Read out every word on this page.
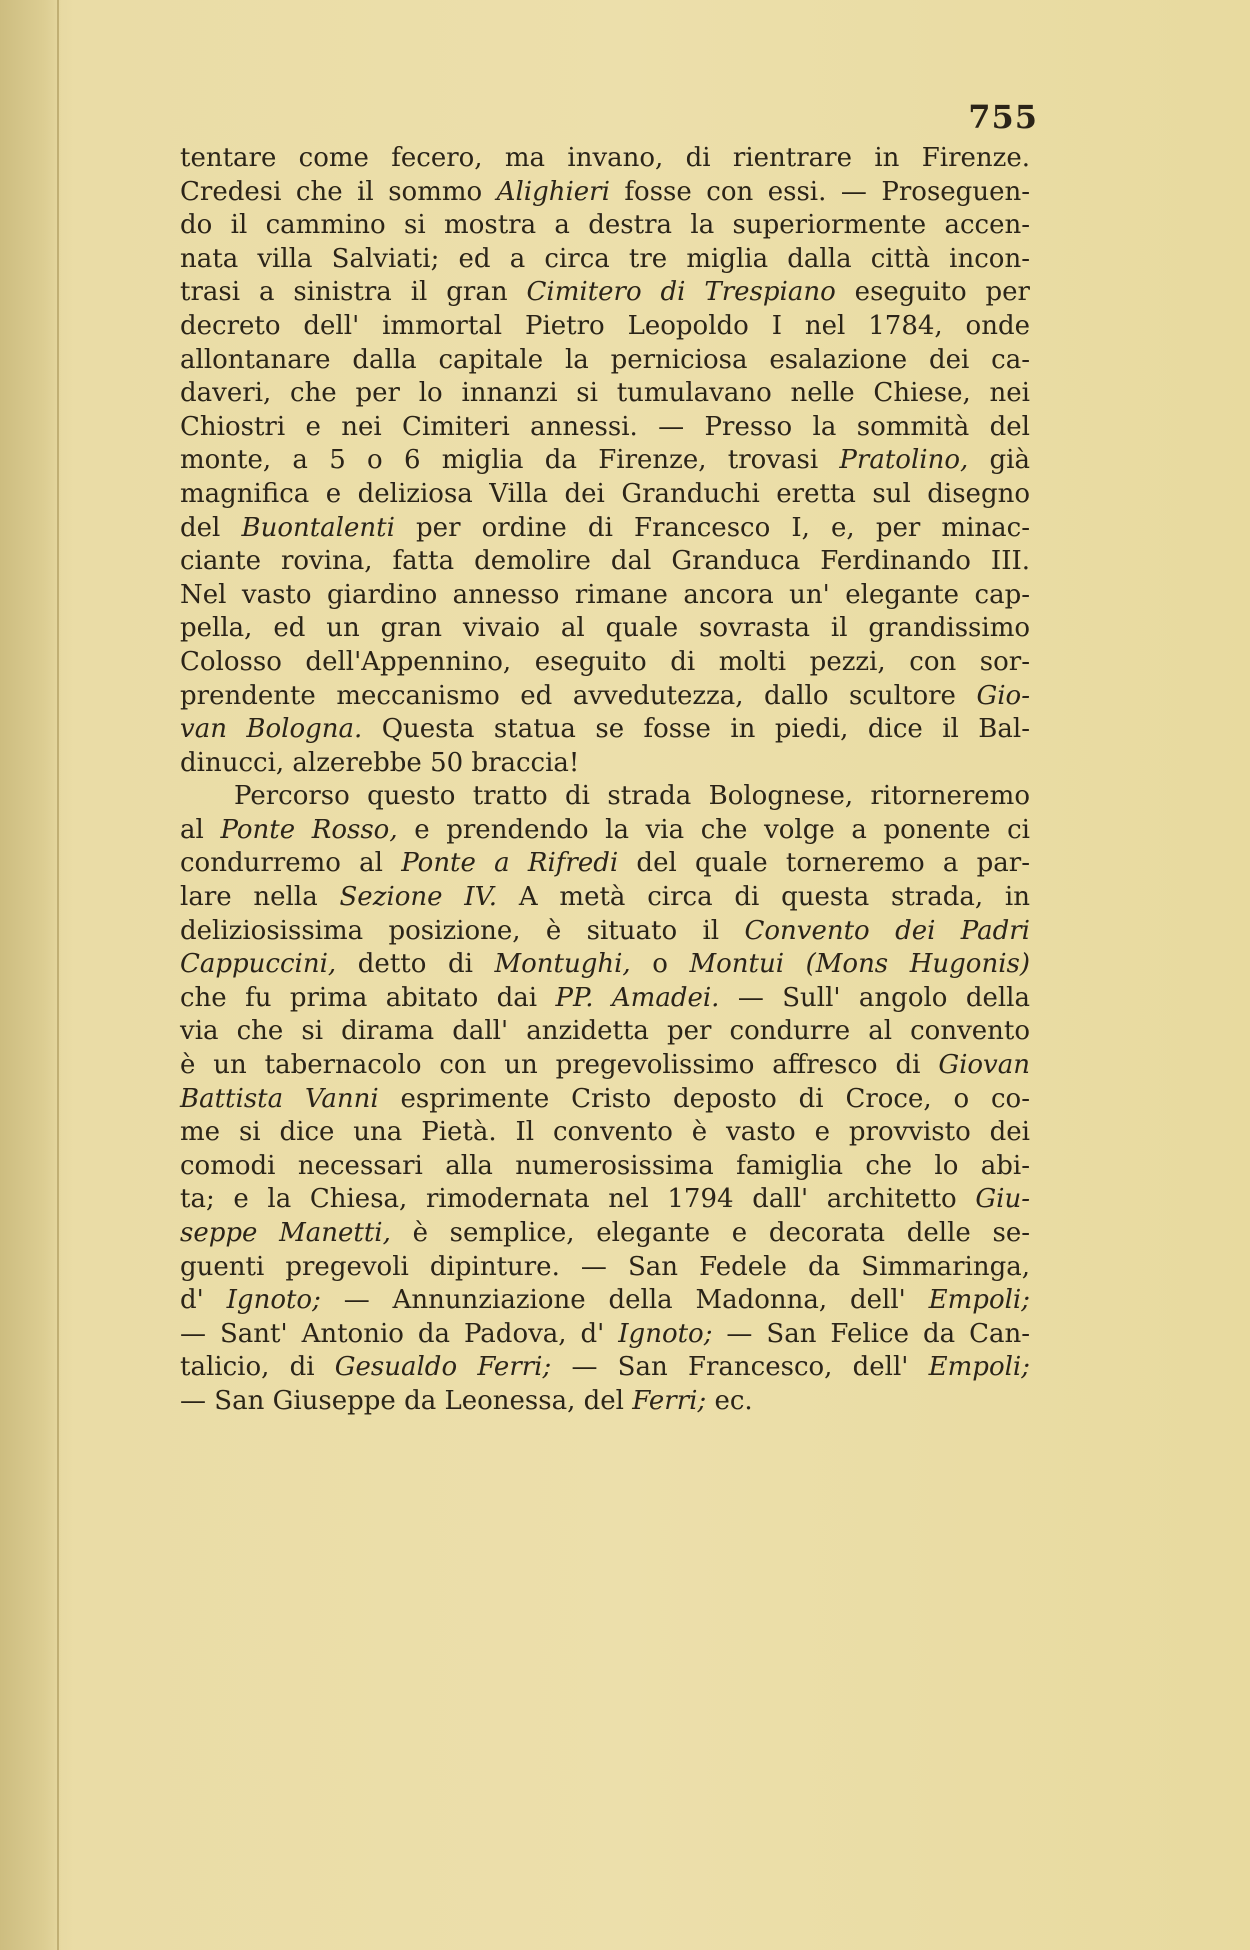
755
tentare come fecero, ma invano, di rientrare in Firenze.
Credesi che il sommo Alighieri fosse con essi. — Proseguen-
do il cammino si mostra a destra la superiormente accen-
nata villa Salviati; ed a circa tre miglia dalla città incon-
trasi a sinistra il gran Cimitero di Trespiano eseguito per
decreto dell' immortal Pietro Leopoldo I nel 1784, onde
allontanare dalla capitale la perniciosa esalazione dei ca-
daveri, che per lo innanzi si tumulavano nelle Chiese, nei
Chiostri e nei Cimiteri annessi. — Presso la sommità del
monte, a 5 o 6 miglia da Firenze, trovasi Pratolino, già
magnifica e deliziosa Villa dei Granduchi eretta sul disegno
del Buontalenti per ordine di Francesco I, e, per minac-
ciante rovina, fatta demolire dal Granduca Ferdinando III.
Nel vasto giardino annesso rimane ancora un' elegante cap-
pella, ed un gran vivaio al quale sovrasta il grandissimo
Colosso dell'Appennino, eseguito di molti pezzi, con sor-
prendente meccanismo ed avvedutezza, dallo scultore Gio-
van Bologna. Questa statua se fosse in piedi, dice il Bal-
dinucci, alzerebbe 50 braccia!
Percorso questo tratto di strada Bolognese, ritorneremo
al Ponte Rosso, e prendendo la via che volge a ponente ci
condurremo al Ponte a Rifredi del quale torneremo a par-
lare nella Sezione IV. A metà circa di questa strada, in
deliziosissima posizione, è situato il Convento dei Padri
Cappuccini, detto di Montughi, o Montui (Mons Hugonis)
che fu prima abitato dai PP. Amadei. — Sull' angolo della
via che si dirama dall' anzidetta per condurre al convento
è un tabernacolo con un pregevolissimo affresco di Giovan
Battista Vanni esprimente Cristo deposto di Croce, o co-
me si dice una Pietà. Il convento è vasto e provvisto dei
comodi necessari alla numerosissima famiglia che lo abi-
ta; e la Chiesa, rimodernata nel 1794 dall' architetto Giu-
seppe Manetti, è semplice, elegante e decorata delle se-
guenti pregevoli dipinture. — San Fedele da Simmaringa,
d' Ignoto; — Annunziazione della Madonna, dell' Empoli;
— Sant' Antonio da Padova, d' Ignoto; — San Felice da Can-
talicio, di Gesualdo Ferri; — San Francesco, dell' Empoli;
— San Giuseppe da Leonessa, del Ferri; ec.
